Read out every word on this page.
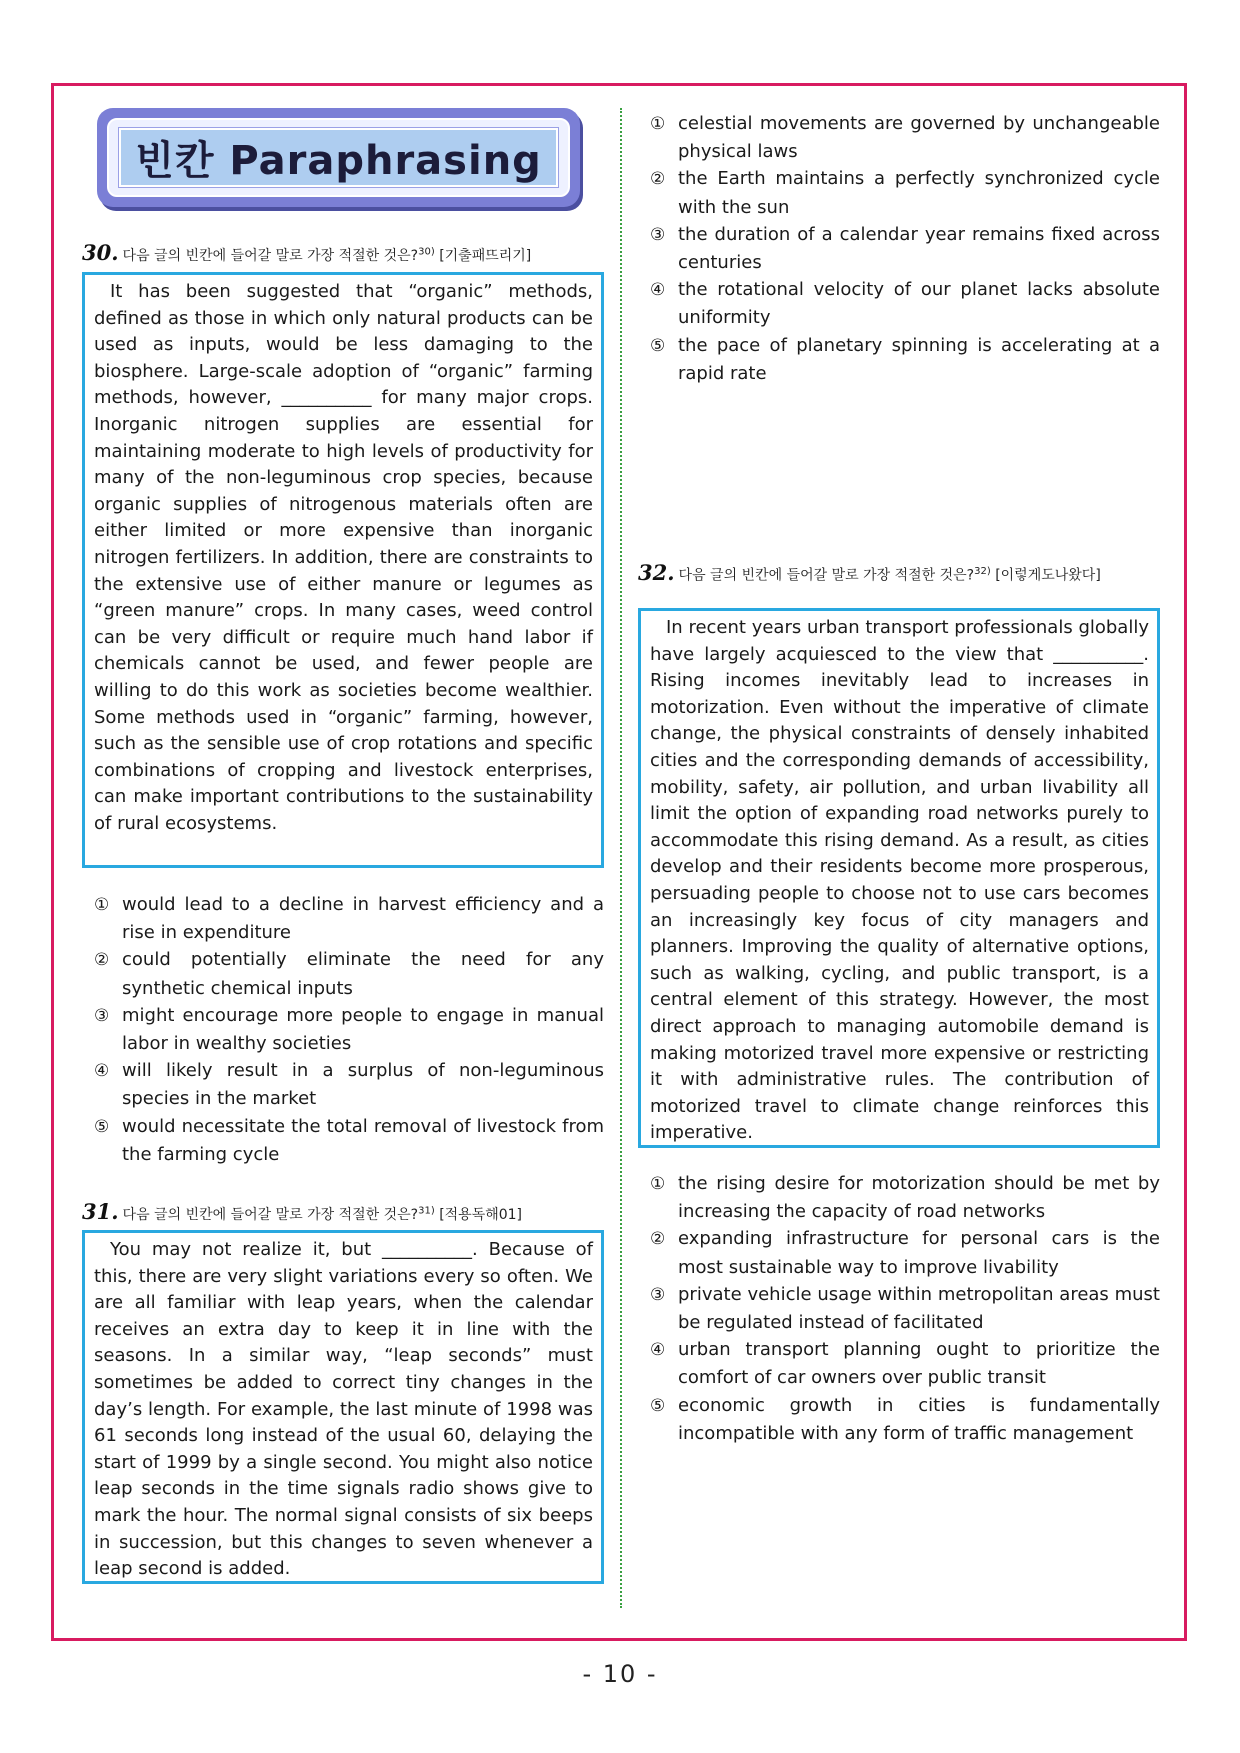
빈칸 Paraphrasing
30. 다음 글의 빈칸에 들어갈 말로 가장 적절한 것은?$^{30)}$ [기출패뜨리기]
It has been suggested that “organic” methods, defined as those in which only natural products can be used as inputs, would be less damaging to the biosphere. Large-scale adoption of “organic” farming methods, however, __________ for many major crops. Inorganic nitrogen supplies are essential for maintaining moderate to high levels of productivity for many of the non-leguminous crop species, because organic supplies of nitrogenous materials often are either limited or more expensive than inorganic nitrogen fertilizers. In addition, there are constraints to the extensive use of either manure or legumes as “green manure” crops. In many cases, weed control can be very difficult or require much hand labor if chemicals cannot be used, and fewer people are willing to do this work as societies become wealthier. Some methods used in “organic” farming, however, such as the sensible use of crop rotations and specific combinations of cropping and livestock enterprises, can make important contributions to the sustainability of rural ecosystems.
① would lead to a decline in harvest efficiency and a rise in expenditure
② could potentially eliminate the need for any synthetic chemical inputs
③ might encourage more people to engage in manual labor in wealthy societies
④ will likely result in a surplus of non-leguminous species in the market
⑤ would necessitate the total removal of livestock from the farming cycle
31. 다음 글의 빈칸에 들어갈 말로 가장 적절한 것은?$^{31)}$ [적용독해01]
You may not realize it, but __________. Because of this, there are very slight variations every so often. We are all familiar with leap years, when the calendar receives an extra day to keep it in line with the seasons. In a similar way, “leap seconds” must sometimes be added to correct tiny changes in the day’s length. For example, the last minute of 1998 was 61 seconds long instead of the usual 60, delaying the start of 1999 by a single second. You might also notice leap seconds in the time signals radio shows give to mark the hour. The normal signal consists of six beeps in succession, but this changes to seven whenever a leap second is added.
① celestial movements are governed by unchangeable physical laws
② the Earth maintains a perfectly synchronized cycle with the sun
③ the duration of a calendar year remains fixed across centuries
④ the rotational velocity of our planet lacks absolute uniformity
⑤ the pace of planetary spinning is accelerating at a rapid rate
32. 다음 글의 빈칸에 들어갈 말로 가장 적절한 것은?$^{32)}$ [이렇게도나왔다]
In recent years urban transport professionals globally have largely acquiesced to the view that __________. Rising incomes inevitably lead to increases in motorization. Even without the imperative of climate change, the physical constraints of densely inhabited cities and the corresponding demands of accessibility, mobility, safety, air pollution, and urban livability all limit the option of expanding road networks purely to accommodate this rising demand. As a result, as cities develop and their residents become more prosperous, persuading people to choose not to use cars becomes an increasingly key focus of city managers and planners. Improving the quality of alternative options, such as walking, cycling, and public transport, is a central element of this strategy. However, the most direct approach to managing automobile demand is making motorized travel more expensive or restricting it with administrative rules. The contribution of motorized travel to climate change reinforces this imperative.
① the rising desire for motorization should be met by increasing the capacity of road networks
② expanding infrastructure for personal cars is the most sustainable way to improve livability
③ private vehicle usage within metropolitan areas must be regulated instead of facilitated
④ urban transport planning ought to prioritize the comfort of car owners over public transit
⑤ economic growth in cities is fundamentally incompatible with any form of traffic management
- 10 -
